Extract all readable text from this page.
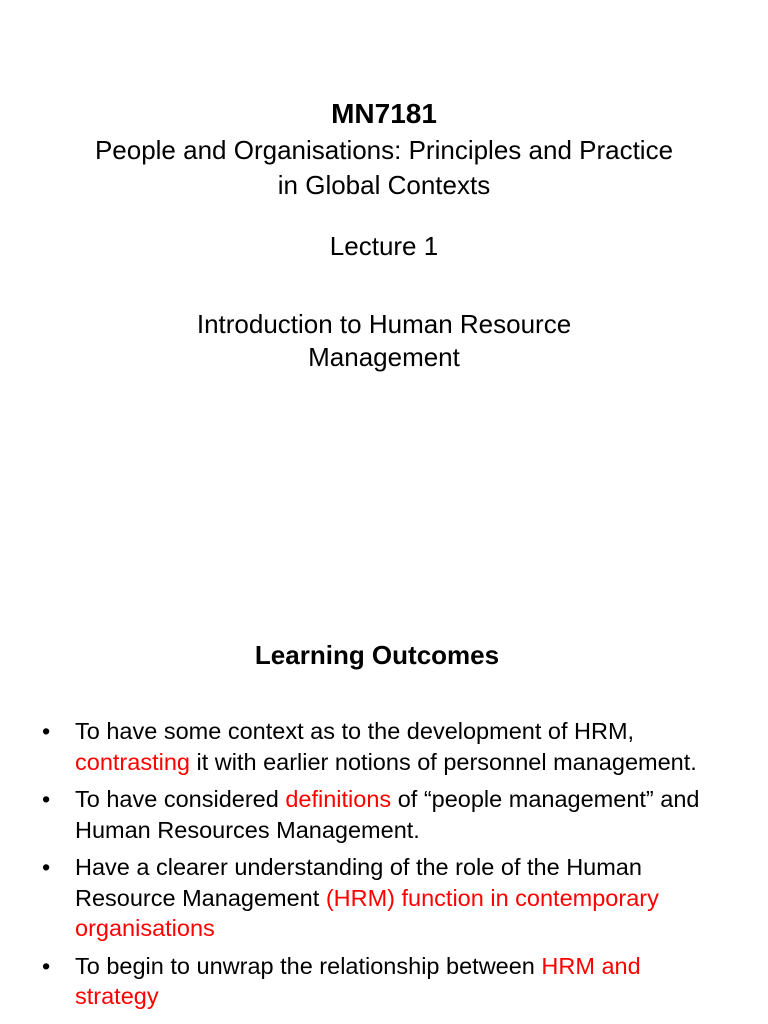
MN7181
People and Organisations: Principles and Practice in Global Contexts
Lecture 1
Introduction to Human Resource Management
Learning Outcomes
• To have some context as to the development of HRM, contrasting it with earlier notions of personnel management.
• To have considered definitions of “people management” and Human Resources Management.
• Have a clearer understanding of the role of the Human Resource Management (HRM) function in contemporary organisations
• To begin to unwrap the relationship between HRM and strategy
